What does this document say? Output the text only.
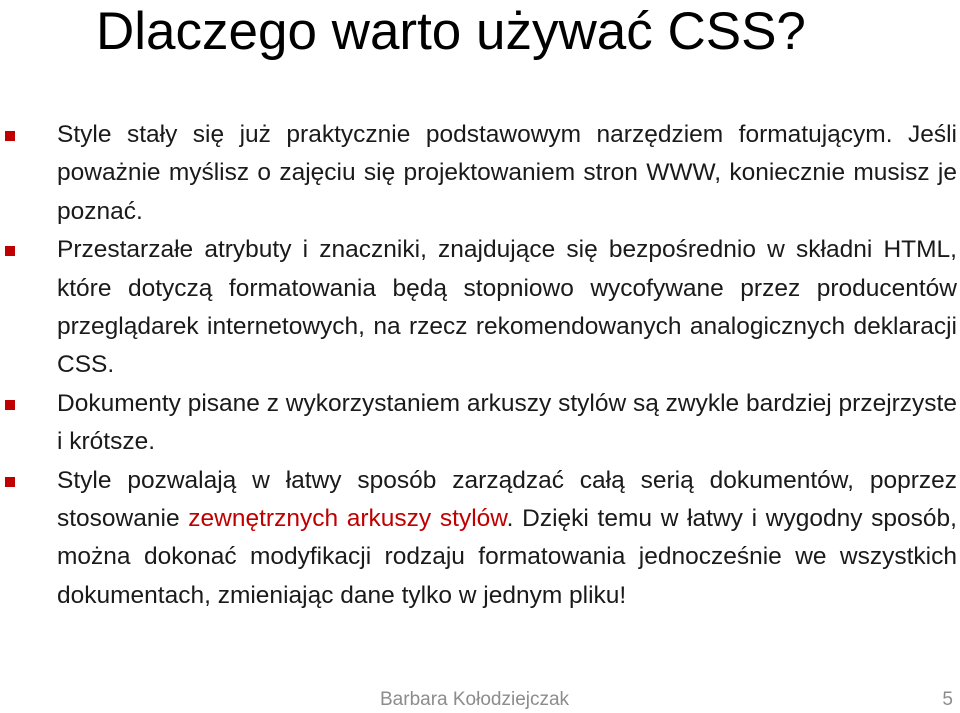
Dlaczego warto używać CSS?
Style stały się już praktycznie podstawowym narzędziem formatującym. Jeśli poważnie myślisz o zajęciu się projektowaniem stron WWW, koniecznie musisz je poznać.
Przestarzałe atrybuty i znaczniki, znajdujące się bezpośrednio w składni HTML, które dotyczą formatowania będą stopniowo wycofywane przez producentów przeglądarek internetowych, na rzecz rekomendowanych analogicznych deklaracji CSS.
Dokumenty pisane z wykorzystaniem arkuszy stylów są zwykle bardziej przejrzyste i krótsze.
Style pozwalają w łatwy sposób zarządzać całą serią dokumentów, poprzez stosowanie zewnętrznych arkuszy stylów. Dzięki temu w łatwy i wygodny sposób, można dokonać modyfikacji rodzaju formatowania jednocześnie we wszystkich dokumentach, zmieniając dane tylko w jednym pliku!
Barbara Kołodziejczak	5
